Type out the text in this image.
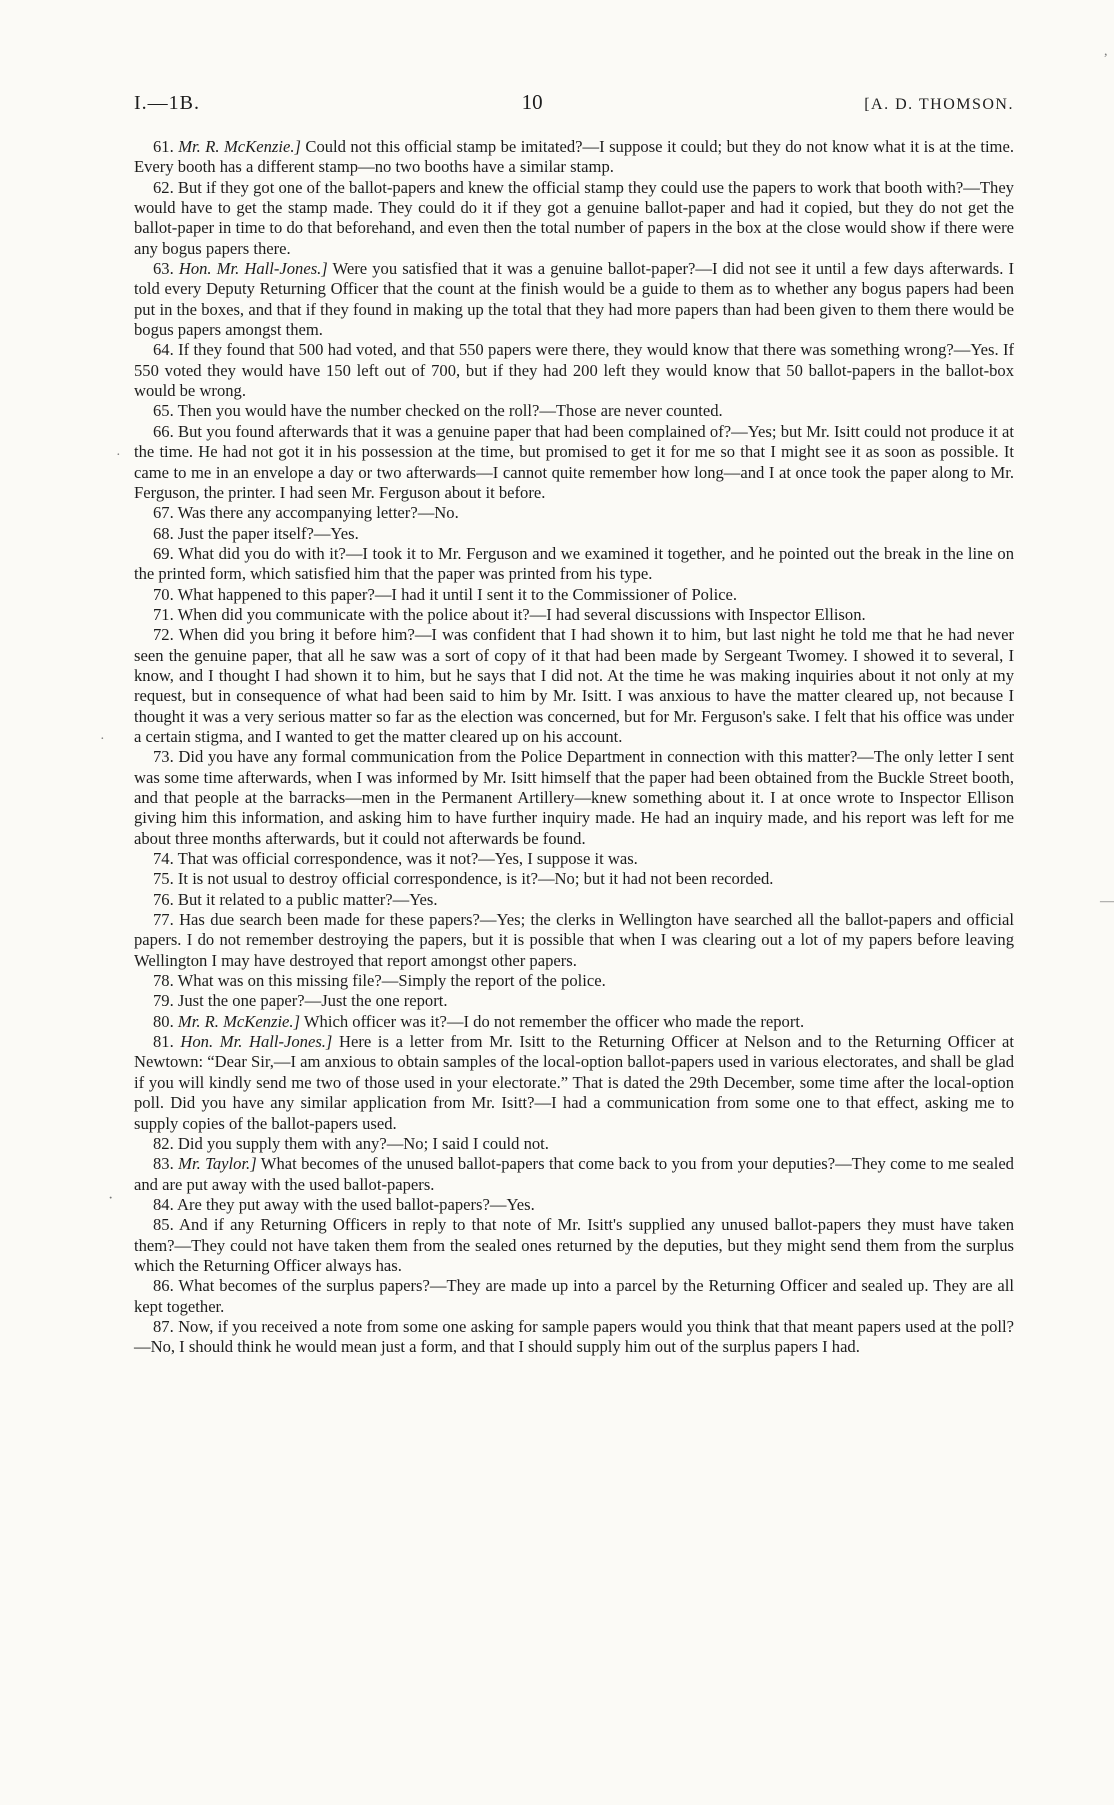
I.—1B.	10	[A. D. THOMSON.

61. Mr. R. McKenzie.] Could not this official stamp be imitated?—I suppose it could; but they do not know what it is at the time. Every booth has a different stamp—no two booths have a similar stamp.

62. But if they got one of the ballot-papers and knew the official stamp they could use the papers to work that booth with?—They would have to get the stamp made. They could do it if they got a genuine ballot-paper and had it copied, but they do not get the ballot-paper in time to do that beforehand, and even then the total number of papers in the box at the close would show if there were any bogus papers there.

63. Hon. Mr. Hall-Jones.] Were you satisfied that it was a genuine ballot-paper?—I did not see it until a few days afterwards. I told every Deputy Returning Officer that the count at the finish would be a guide to them as to whether any bogus papers had been put in the boxes, and that if they found in making up the total that they had more papers than had been given to them there would be bogus papers amongst them.

64. If they found that 500 had voted, and that 550 papers were there, they would know that there was something wrong?—Yes. If 550 voted they would have 150 left out of 700, but if they had 200 left they would know that 50 ballot-papers in the ballot-box would be wrong.

65. Then you would have the number checked on the roll?—Those are never counted.

66. But you found afterwards that it was a genuine paper that had been complained of?—Yes; but Mr. Isitt could not produce it at the time. He had not got it in his possession at the time, but promised to get it for me so that I might see it as soon as possible. It came to me in an envelope a day or two afterwards—I cannot quite remember how long—and I at once took the paper along to Mr. Ferguson, the printer. I had seen Mr. Ferguson about it before.

67. Was there any accompanying letter?—No.

68. Just the paper itself?—Yes.

69. What did you do with it?—I took it to Mr. Ferguson and we examined it together, and he pointed out the break in the line on the printed form, which satisfied him that the paper was printed from his type.

70. What happened to this paper?—I had it until I sent it to the Commissioner of Police.

71. When did you communicate with the police about it?—I had several discussions with Inspector Ellison.

72. When did you bring it before him?—I was confident that I had shown it to him, but last night he told me that he had never seen the genuine paper, that all he saw was a sort of copy of it that had been made by Sergeant Twomey. I showed it to several, I know, and I thought I had shown it to him, but he says that I did not. At the time he was making inquiries about it not only at my request, but in consequence of what had been said to him by Mr. Isitt. I was anxious to have the matter cleared up, not because I thought it was a very serious matter so far as the election was concerned, but for Mr. Ferguson's sake. I felt that his office was under a certain stigma, and I wanted to get the matter cleared up on his account.

73. Did you have any formal communication from the Police Department in connection with this matter?—The only letter I sent was some time afterwards, when I was informed by Mr. Isitt himself that the paper had been obtained from the Buckle Street booth, and that people at the barracks—men in the Permanent Artillery—knew something about it. I at once wrote to Inspector Ellison giving him this information, and asking him to have further inquiry made. He had an inquiry made, and his report was left for me about three months afterwards, but it could not afterwards be found.

74. That was official correspondence, was it not?—Yes, I suppose it was.

75. It is not usual to destroy official correspondence, is it?—No; but it had not been recorded.

76. But it related to a public matter?—Yes.

77. Has due search been made for these papers?—Yes; the clerks in Wellington have searched all the ballot-papers and official papers. I do not remember destroying the papers, but it is possible that when I was clearing out a lot of my papers before leaving Wellington I may have destroyed that report amongst other papers.

78. What was on this missing file?—Simply the report of the police.

79. Just the one paper?—Just the one report.

80. Mr. R. McKenzie.] Which officer was it?—I do not remember the officer who made the report.

81. Hon. Mr. Hall-Jones.] Here is a letter from Mr. Isitt to the Returning Officer at Nelson and to the Returning Officer at Newtown: “Dear Sir,—I am anxious to obtain samples of the local-option ballot-papers used in various electorates, and shall be glad if you will kindly send me two of those used in your electorate.” That is dated the 29th December, some time after the local-option poll. Did you have any similar application from Mr. Isitt?—I had a communication from some one to that effect, asking me to supply copies of the ballot-papers used.

82. Did you supply them with any?—No; I said I could not.

83. Mr. Taylor.] What becomes of the unused ballot-papers that come back to you from your deputies?—They come to me sealed and are put away with the used ballot-papers.

84. Are they put away with the used ballot-papers?—Yes.

85. And if any Returning Officers in reply to that note of Mr. Isitt's supplied any unused ballot-papers they must have taken them?—They could not have taken them from the sealed ones returned by the deputies, but they might send them from the surplus which the Returning Officer always has.

86. What becomes of the surplus papers?—They are made up into a parcel by the Returning Officer and sealed up. They are all kept together.

87. Now, if you received a note from some one asking for sample papers would you think that that meant papers used at the poll?—No, I should think he would mean just a form, and that I should supply him out of the surplus papers I had.

,
—
·
·
·
